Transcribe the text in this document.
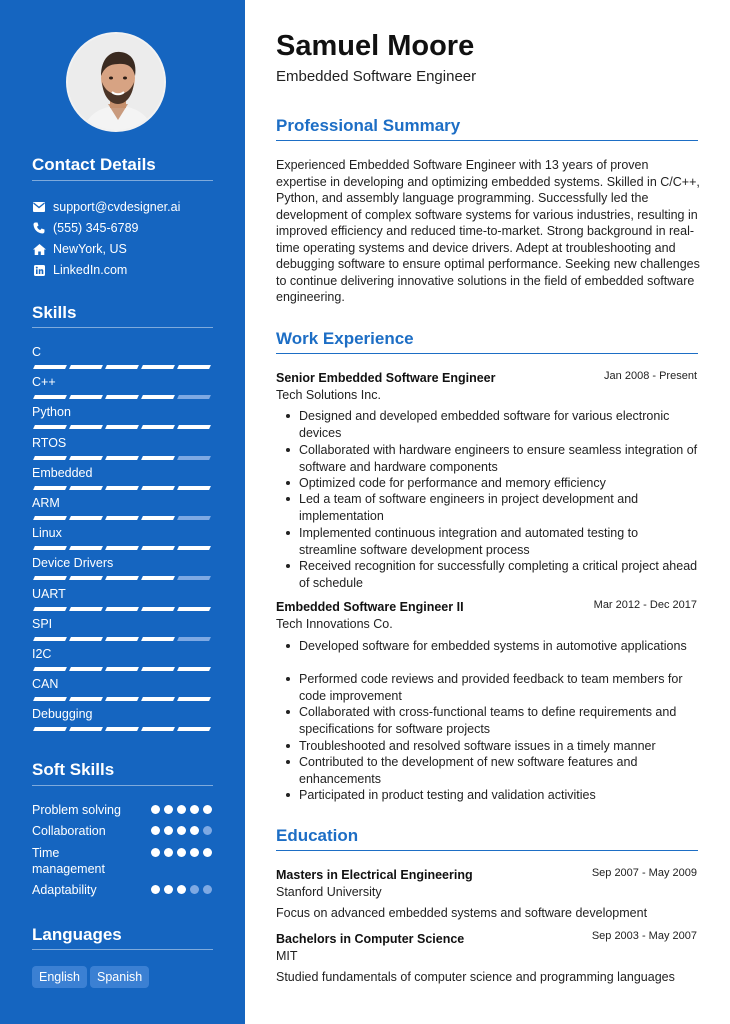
Contact Details
support@cvdesigner.ai
(555) 345-6789
NewYork, US
LinkedIn.com
Skills
C
C++
Python
RTOS
Embedded
ARM
Linux
Device Drivers
UART
SPI
I2C
CAN
Debugging
Soft Skills
Problem solving
Collaboration
Time management
Adaptability
Languages
English	Spanish
Samuel Moore
Embedded Software Engineer
Professional Summary
Experienced Embedded Software Engineer with 13 years of proven expertise in developing and optimizing embedded systems. Skilled in C/C++, Python, and assembly language programming. Successfully led the development of complex software systems for various industries, resulting in improved efficiency and reduced time-to-market. Strong background in real-time operating systems and device drivers. Adept at troubleshooting and debugging software to ensure optimal performance. Seeking new challenges to continue delivering innovative solutions in the field of embedded software engineering.
Work Experience
Senior Embedded Software Engineer	Jan 2008 - Present
Tech Solutions Inc.
Designed and developed embedded software for various electronic devices
Collaborated with hardware engineers to ensure seamless integration of software and hardware components
Optimized code for performance and memory efficiency
Led a team of software engineers in project development and implementation
Implemented continuous integration and automated testing to streamline software development process
Received recognition for successfully completing a critical project ahead of schedule
Embedded Software Engineer II	Mar 2012 - Dec 2017
Tech Innovations Co.
Developed software for embedded systems in automotive applications
Performed code reviews and provided feedback to team members for code improvement
Collaborated with cross-functional teams to define requirements and specifications for software projects
Troubleshooted and resolved software issues in a timely manner
Contributed to the development of new software features and enhancements
Participated in product testing and validation activities
Education
Masters in Electrical Engineering	Sep 2007 - May 2009
Stanford University
Focus on advanced embedded systems and software development
Bachelors in Computer Science	Sep 2003 - May 2007
MIT
Studied fundamentals of computer science and programming languages
